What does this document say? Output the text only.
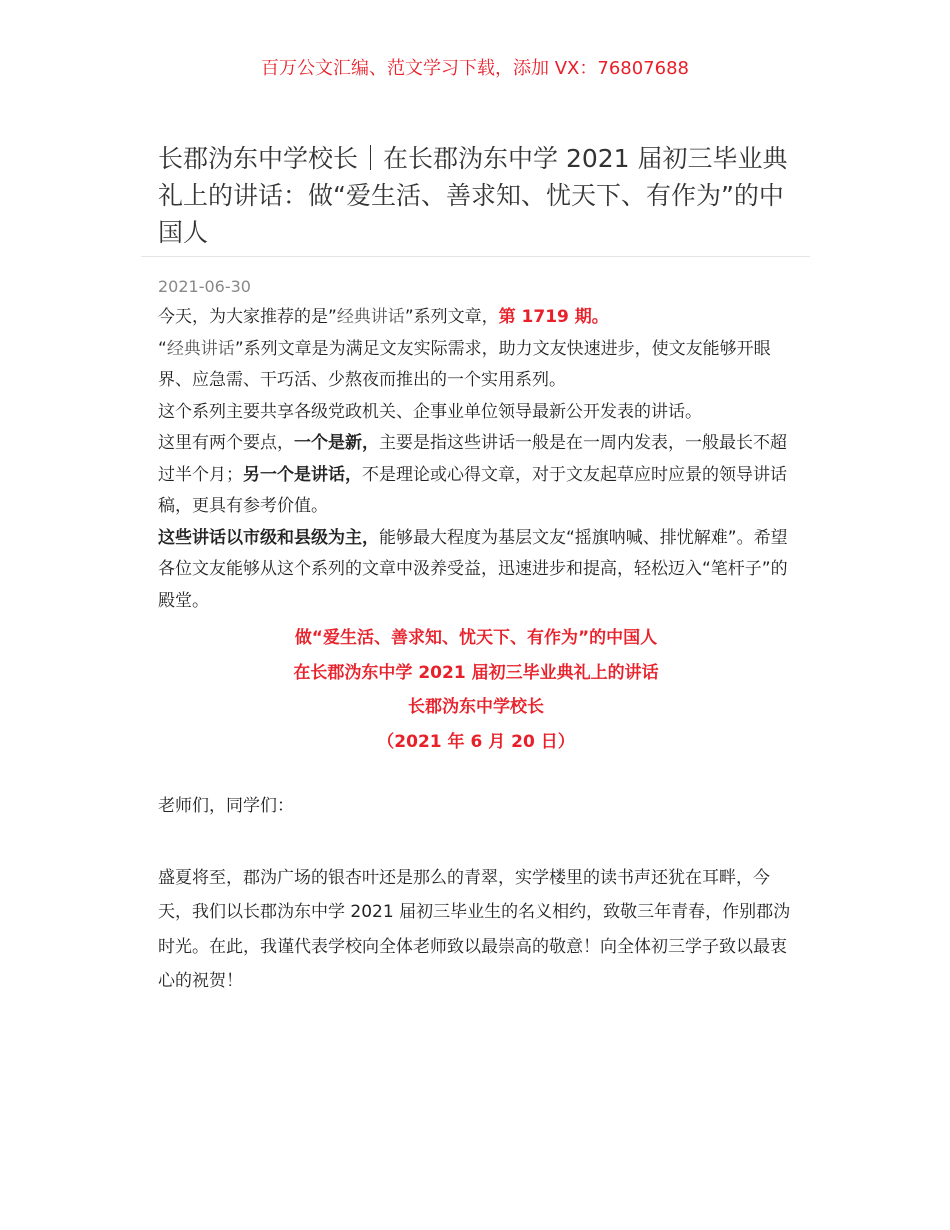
百万公文汇编、范文学习下载，添加 VX：76807688
长郡沩东中学校长｜在长郡沩东中学 2021 届初三毕业典礼上的讲话：做“爱生活、善求知、忧天下、有作为”的中国人
2021-06-30

今天，为大家推荐的是”经典讲话”系列文章，第 1719 期。

“经典讲话”系列文章是为满足文友实际需求，助力文友快速进步，使文友能够开眼界、应急需、干巧活、少熬夜而推出的一个实用系列。

这个系列主要共享各级党政机关、企事业单位领导最新公开发表的讲话。

这里有两个要点，一个是新，主要是指这些讲话一般是在一周内发表，一般最长不超过半个月；另一个是讲话，不是理论或心得文章，对于文友起草应时应景的领导讲话稿，更具有参考价值。

这些讲话以市级和县级为主，能够最大程度为基层文友“摇旗呐喊、排忧解难”。希望各位文友能够从这个系列的文章中汲养受益，迅速进步和提高，轻松迈入“笔杆子”的殿堂。

做“爱生活、善求知、忧天下、有作为”的中国人
在长郡沩东中学 2021 届初三毕业典礼上的讲话
长郡沩东中学校长
（2021 年 6 月 20 日）

老师们，同学们：

盛夏将至，郡沩广场的银杏叶还是那么的青翠，实学楼里的读书声还犹在耳畔，今天，我们以长郡沩东中学 2021 届初三毕业生的名义相约，致敬三年青春，作别郡沩时光。在此，我谨代表学校向全体老师致以最崇高的敬意！向全体初三学子致以最衷心的祝贺！
